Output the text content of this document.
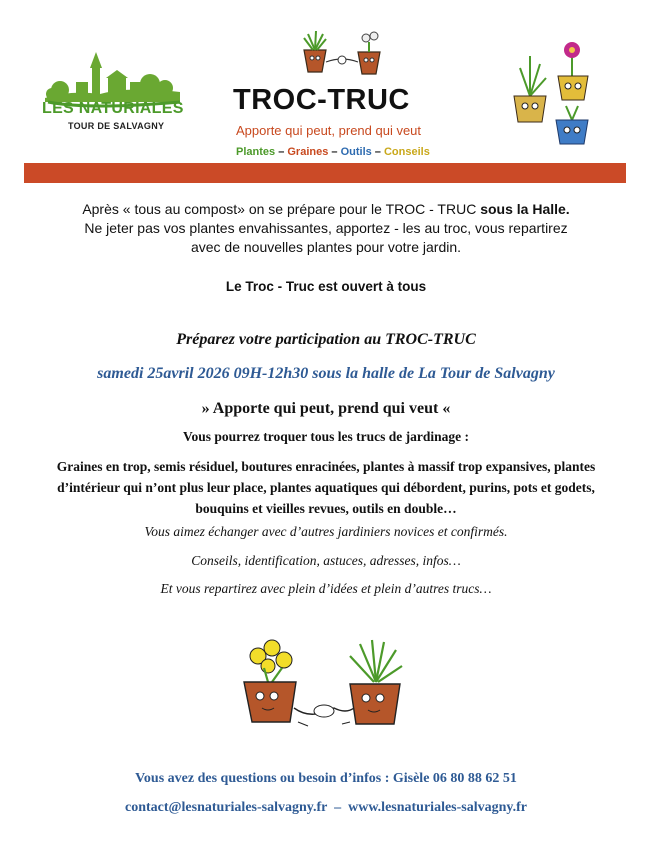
LES NATURIALES
TOUR DE SALVAGNY
TROC-TRUC
Apporte qui peut, prend qui veut
Plantes – Graines – Outils – Conseils
Après « tous au compost» on se prépare pour le TROC - TRUC sous la Halle.
Ne jeter pas vos plantes envahissantes, apportez - les au troc, vous repartirez
avec de nouvelles plantes pour votre jardin.
Le Troc - Truc est ouvert à tous
Préparez votre participation au TROC-TRUC
samedi 25avril 2026 09H-12h30 sous la halle de La Tour de Salvagny
» Apporte qui peut, prend qui veut «
Vous pourrez troquer tous les trucs de jardinage :
Graines en trop, semis résiduel, boutures enracinées, plantes à massif trop expansives, plantes
d’intérieur qui n’ont plus leur place, plantes aquatiques qui débordent, purins, pots et godets,
bouquins et vieilles revues, outils en double…
Vous aimez échanger avec d’autres jardiniers novices et confirmés.
Conseils, identification, astuces, adresses, infos…
Et vous repartirez avec plein d’idées et plein d’autres trucs…
Vous avez des questions ou besoin d’infos : Gisèle 06 80 88 62 51
contact@lesnaturiales-salvagny.fr  –  www.lesnaturiales-salvagny.fr
